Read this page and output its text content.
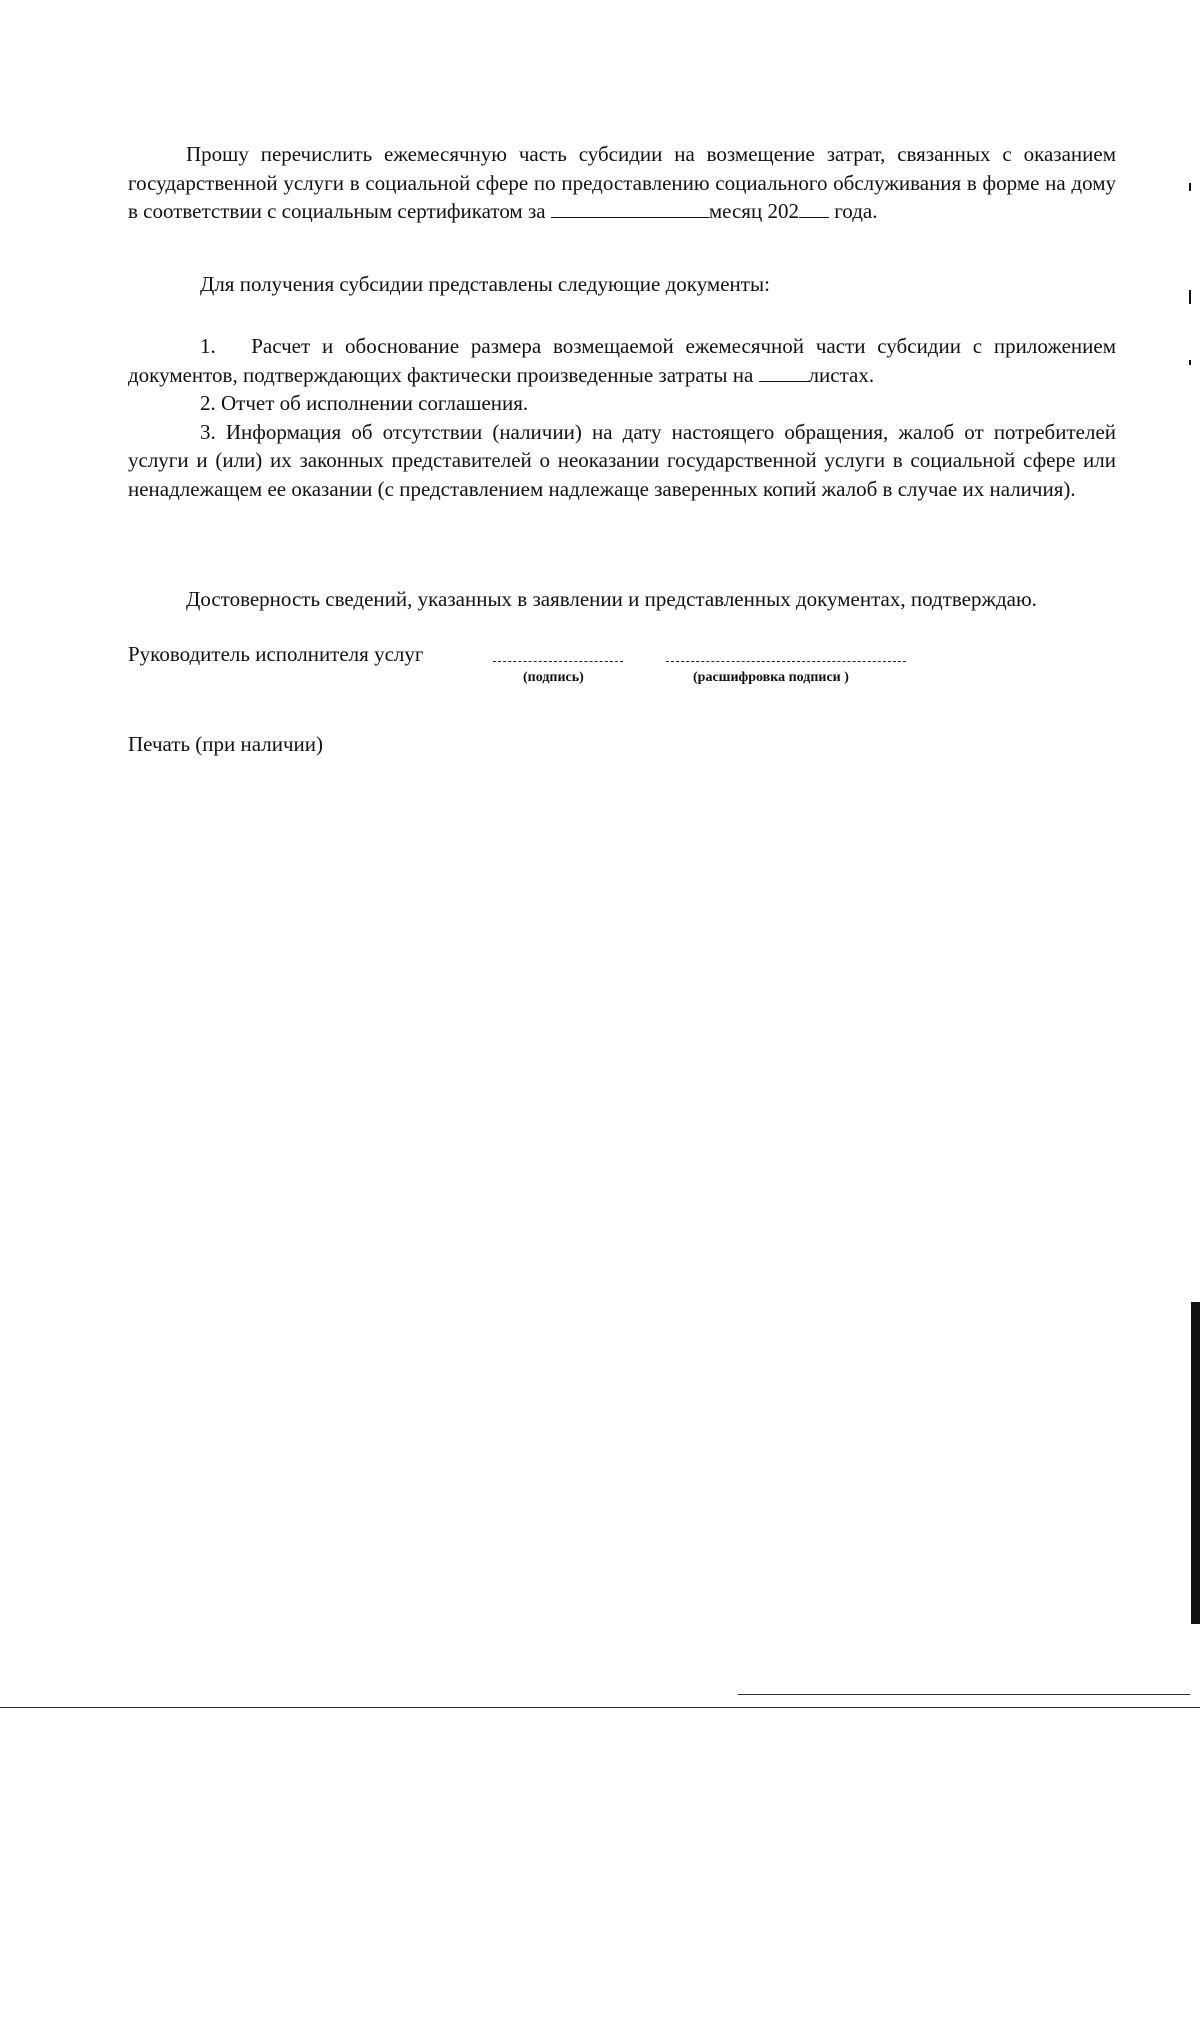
Прошу перечислить ежемесячную часть субсидии на возмещение затрат, связанных с оказанием государственной услуги в социальной сфере по предоставлению социального обслуживания в форме на дому в соответствии с социальным сертификатом за	месяц 202 года.

Для получения субсидии представлены следующие документы:

1. Расчет и обоснование размера возмещаемой ежемесячной части субсидии с приложением документов, подтверждающих фактически произведенные затраты на листах.

2. Отчет об исполнении соглашения.

3. Информация об отсутствии (наличии) на дату настоящего обращения, жалоб от потребителей услуги и (или) их законных представителей о неоказании государственной услуги в социальной сфере или ненадлежащем ее оказании (с представлением надлежаще заверенных копий жалоб в случае их наличия).

Достоверность сведений, указанных в заявлении и представленных документах, подтверждаю.

Руководитель исполнителя услуг
(подпись)	(расшифровка подписи )

Печать (при наличии)
